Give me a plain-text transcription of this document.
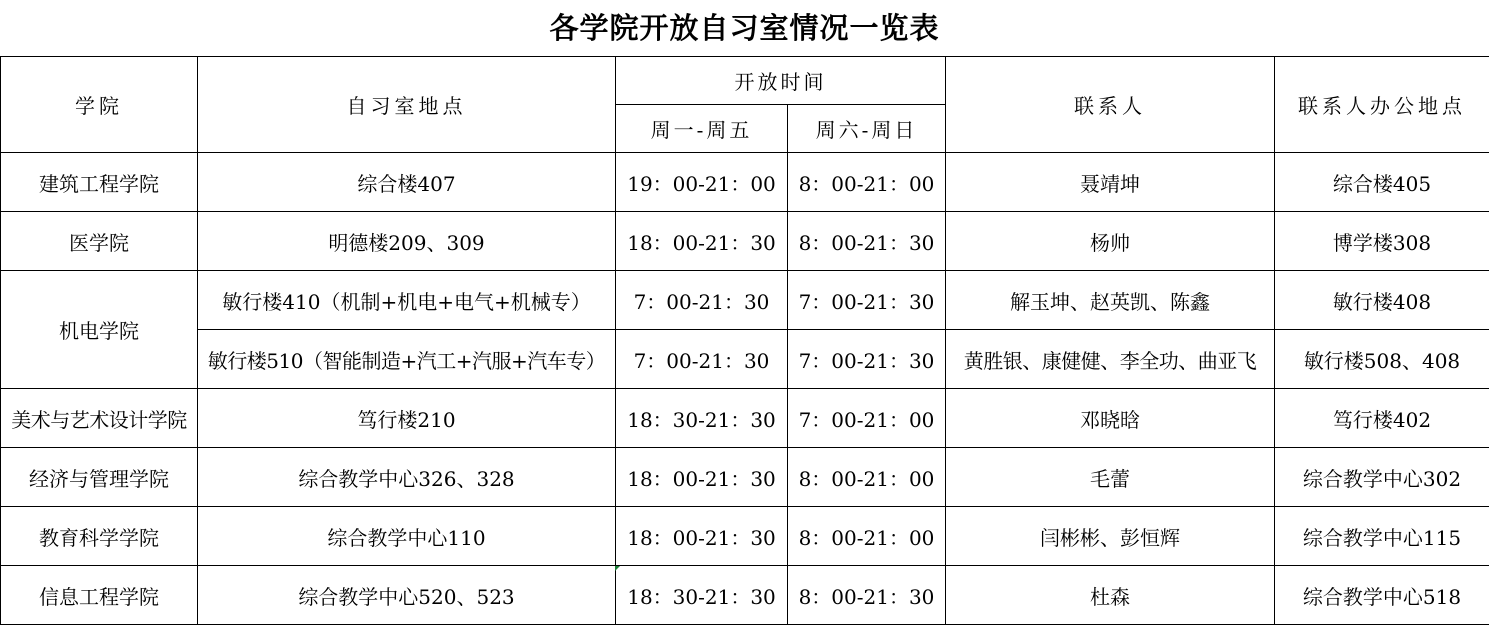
各学院开放自习室情况一览表
学院	自习室地点	开放时间		联系人	联系人办公地点
		周一-周五	周六-周日		
建筑工程学院	综合楼407	19：00-21：00	8：00-21：00	聂靖坤	综合楼405
医学院	明德楼209、309	18：00-21：30	8：00-21：30	杨帅	博学楼308
机电学院	敏行楼410（机制+机电+电气+机械专）	7：00-21：30	7：00-21：30	解玉坤、赵英凯、陈鑫	敏行楼408
	敏行楼510（智能制造+汽工+汽服+汽车专）	7：00-21：30	7：00-21：30	黄胜银、康健健、李全功、曲亚飞	敏行楼508、408
美术与艺术设计学院	笃行楼210	18：30-21：30	7：00-21：00	邓晓晗	笃行楼402
经济与管理学院	综合教学中心326、328	18：00-21：30	8：00-21：00	毛蕾	综合教学中心302
教育科学学院	综合教学中心110	18：00-21：30	8：00-21：00	闫彬彬、彭恒辉	综合教学中心115
信息工程学院	综合教学中心520、523	18：30-21：30	8：00-21：30	杜森	综合教学中心518
